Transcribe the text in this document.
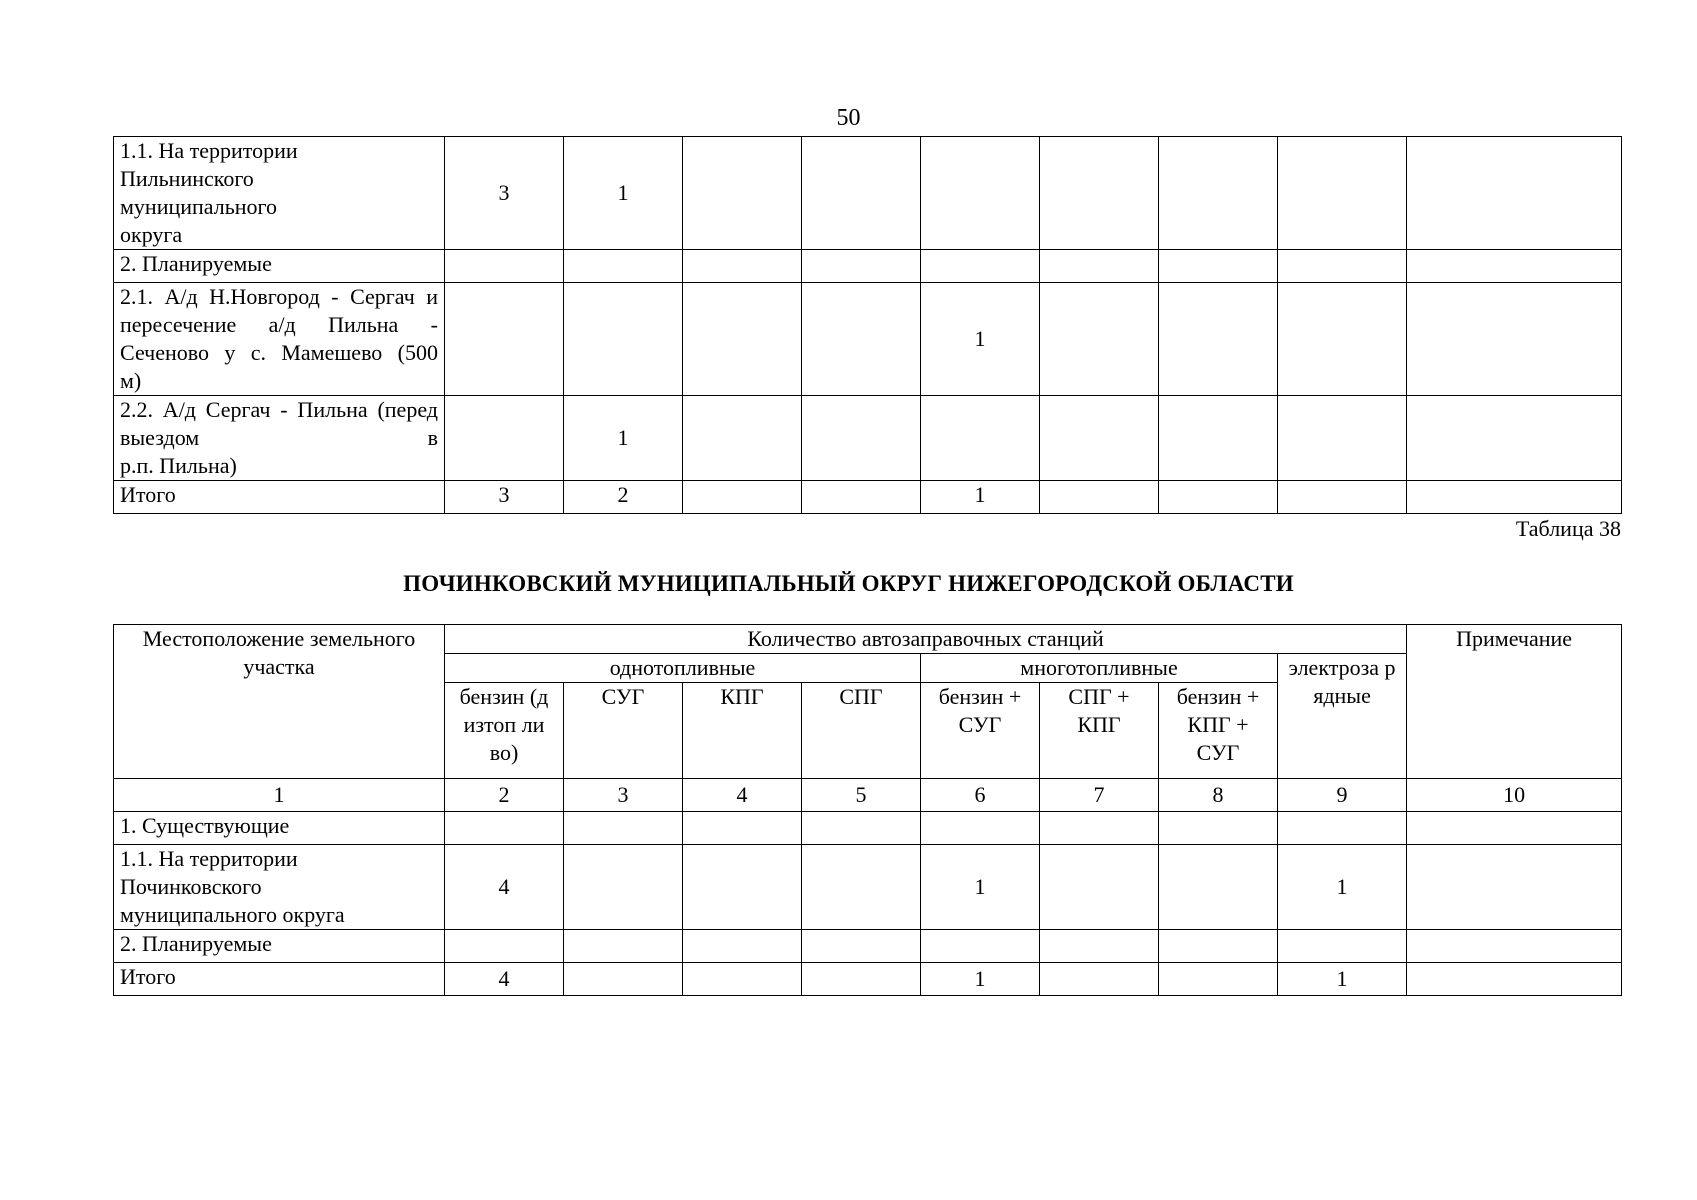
50
1.1. На территории Пильнинского муниципального округа	3	1							
2. Планируемые									
2.1. А/д Н.Новгород - Сергач и пересечение а/д Пильна - Сеченово у с. Мамешево (500
м)					1				
2.2. А/д Сергач - Пильна (перед выездом в
р.п. Пильна)		1							
Итого	3	2			1				
Таблица 38
ПОЧИНКОВСКИЙ МУНИЦИПАЛЬНЫЙ ОКРУГ НИЖЕГОРОДСКОЙ ОБЛАСТИ
Местоположение земельного участка	Количество автозаправочных станций								Примечание
	однотопливные				многотопливные			электроза рядные	

	бензин (дизтоп ливо)	СУГ	КПГ	СПГ	бензин + СУГ	СПГ + КПГ	бензин + КПГ + СУГ		

1	2	3	4	5	6	7	8	9	10
1. Существующие									

1.1. На территории Починковского муниципального округа	4				1			1	
2. Планируемые									
Итого	4				1			1	
